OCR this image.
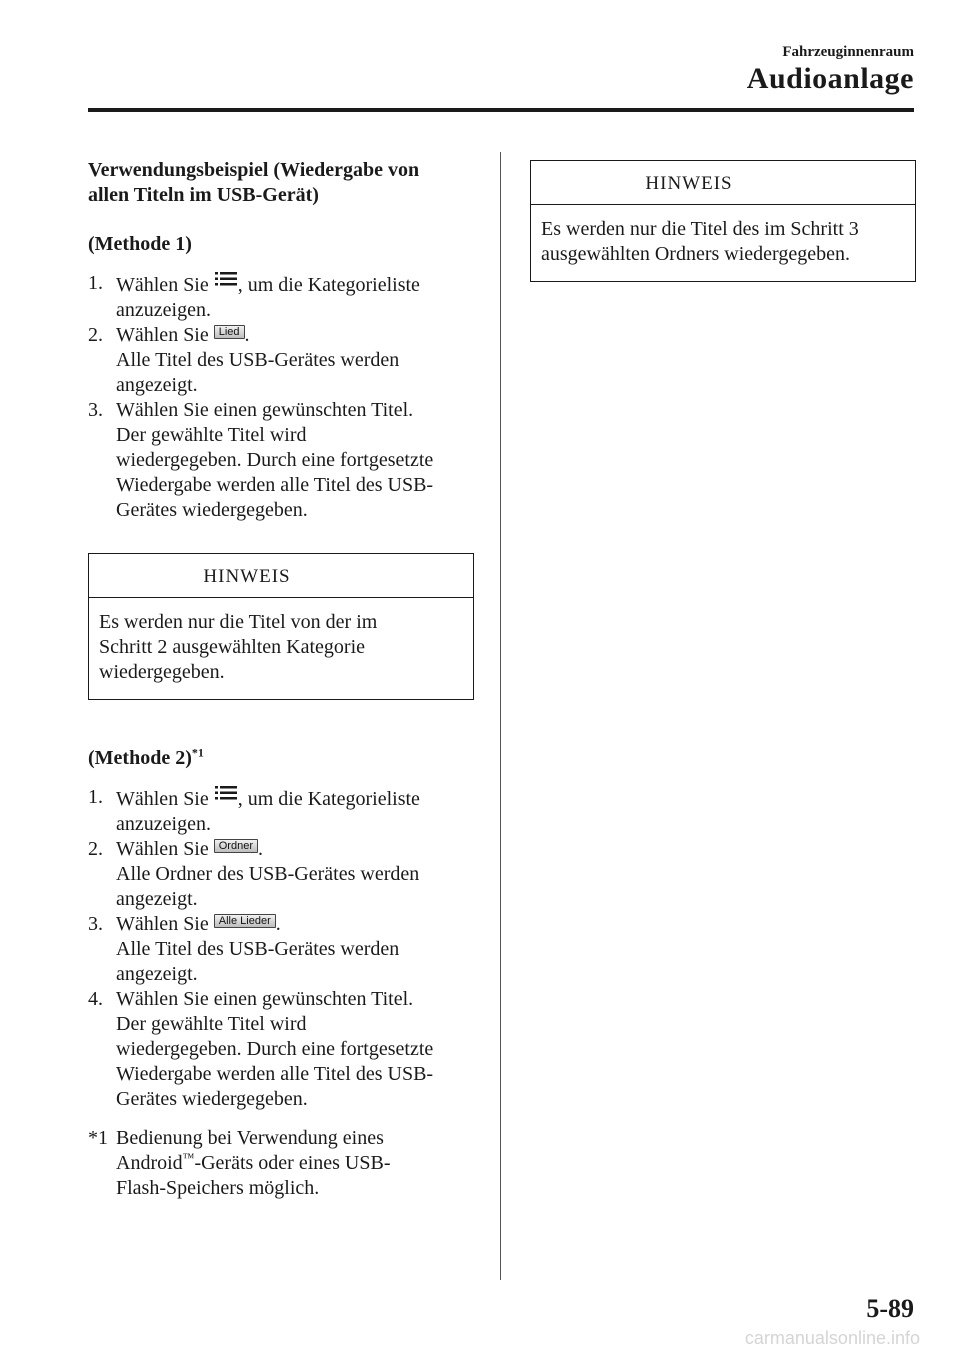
Fahrzeuginnenraum
Audioanlage

Verwendungsbeispiel (Wiedergabe von

allen Titeln im USB-Gerät)

(Methode 1)

1. Wählen Sie , um die Kategorieliste
anzuzeigen.
2. Wählen Sie Lied .
Alle Titel des USB-Gerätes werden
angezeigt.
3. Wählen Sie einen gewünschten Titel.
Der gewählte Titel wird
wiedergegeben. Durch eine fortgesetzte
Wiedergabe werden alle Titel des USB-
Gerätes wiedergegeben.
HINWEIS
Es werden nur die Titel von der im
Schritt 2 ausgewählten Kategorie
wiedergegeben.

(Methode 2)$^{*1}$

1. Wählen Sie , um die Kategorieliste
anzuzeigen.
2. Wählen Sie Ordner .
Alle Ordner des USB-Gerätes werden
angezeigt.
3. Wählen Sie Alle Lieder .
Alle Titel des USB-Gerätes werden
angezeigt.
4. Wählen Sie einen gewünschten Titel.
Der gewählte Titel wird
wiedergegeben. Durch eine fortgesetzte
Wiedergabe werden alle Titel des USB-
Gerätes wiedergegeben.
*1 Bedienung bei Verwendung eines
Android™-Geräts oder eines USB-
Flash-Speichers möglich.
HINWEIS
Es werden nur die Titel des im Schritt 3
ausgewählten Ordners wiedergegeben.
5-89
carmanualsonline.info
